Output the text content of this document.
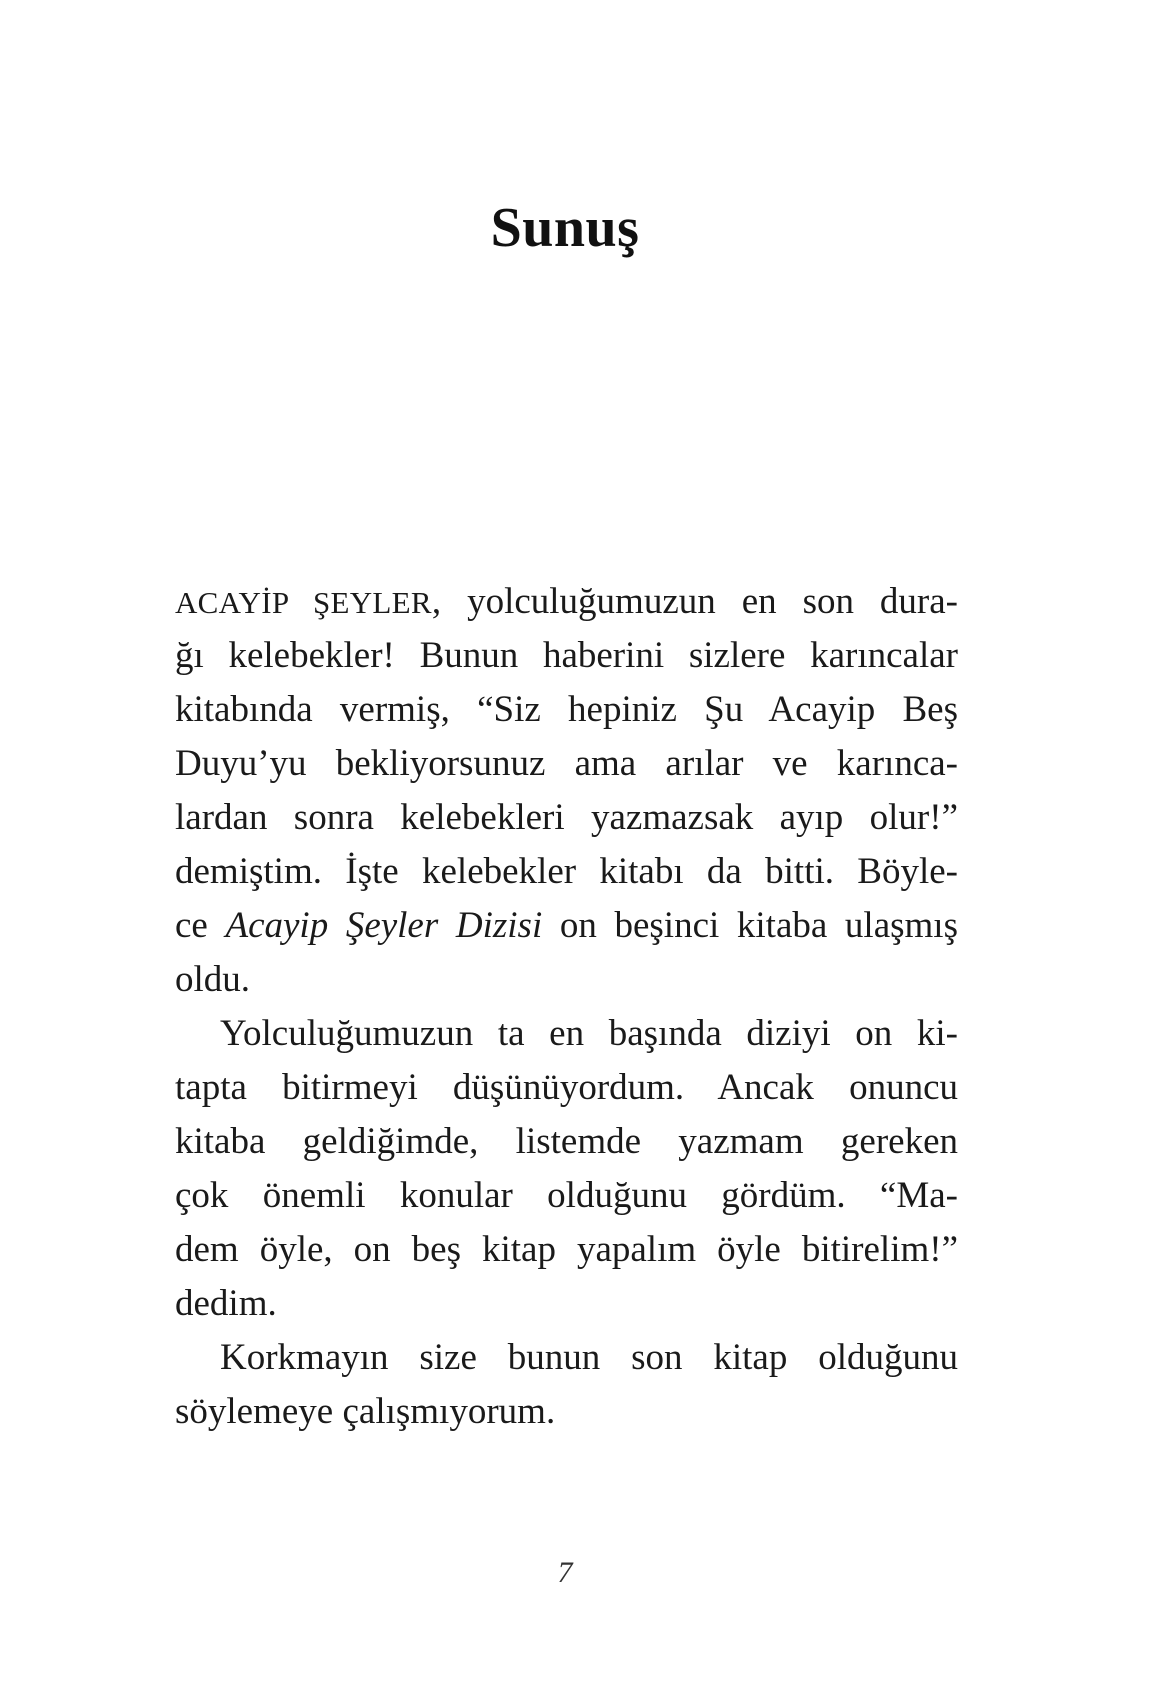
Sunuş
ACAYİP ŞEYLER, yolculuğumuzun en son dura-
ğı kelebekler! Bunun haberini sizlere karıncalar
kitabında vermiş, “Siz hepiniz Şu Acayip Beş
Duyu’yu bekliyorsunuz ama arılar ve karınca-
lardan sonra kelebekleri yazmazsak ayıp olur!”
demiştim. İşte kelebekler kitabı da bitti. Böyle-
ce Acayip Şeyler Dizisi on beşinci kitaba ulaşmış
oldu.
Yolculuğumuzun ta en başında diziyi on ki-
tapta bitirmeyi düşünüyordum. Ancak onuncu
kitaba geldiğimde, listemde yazmam gereken
çok önemli konular olduğunu gördüm. “Ma-
dem öyle, on beş kitap yapalım öyle bitirelim!”
dedim.
Korkmayın size bunun son kitap olduğunu
söylemeye çalışmıyorum.
7
